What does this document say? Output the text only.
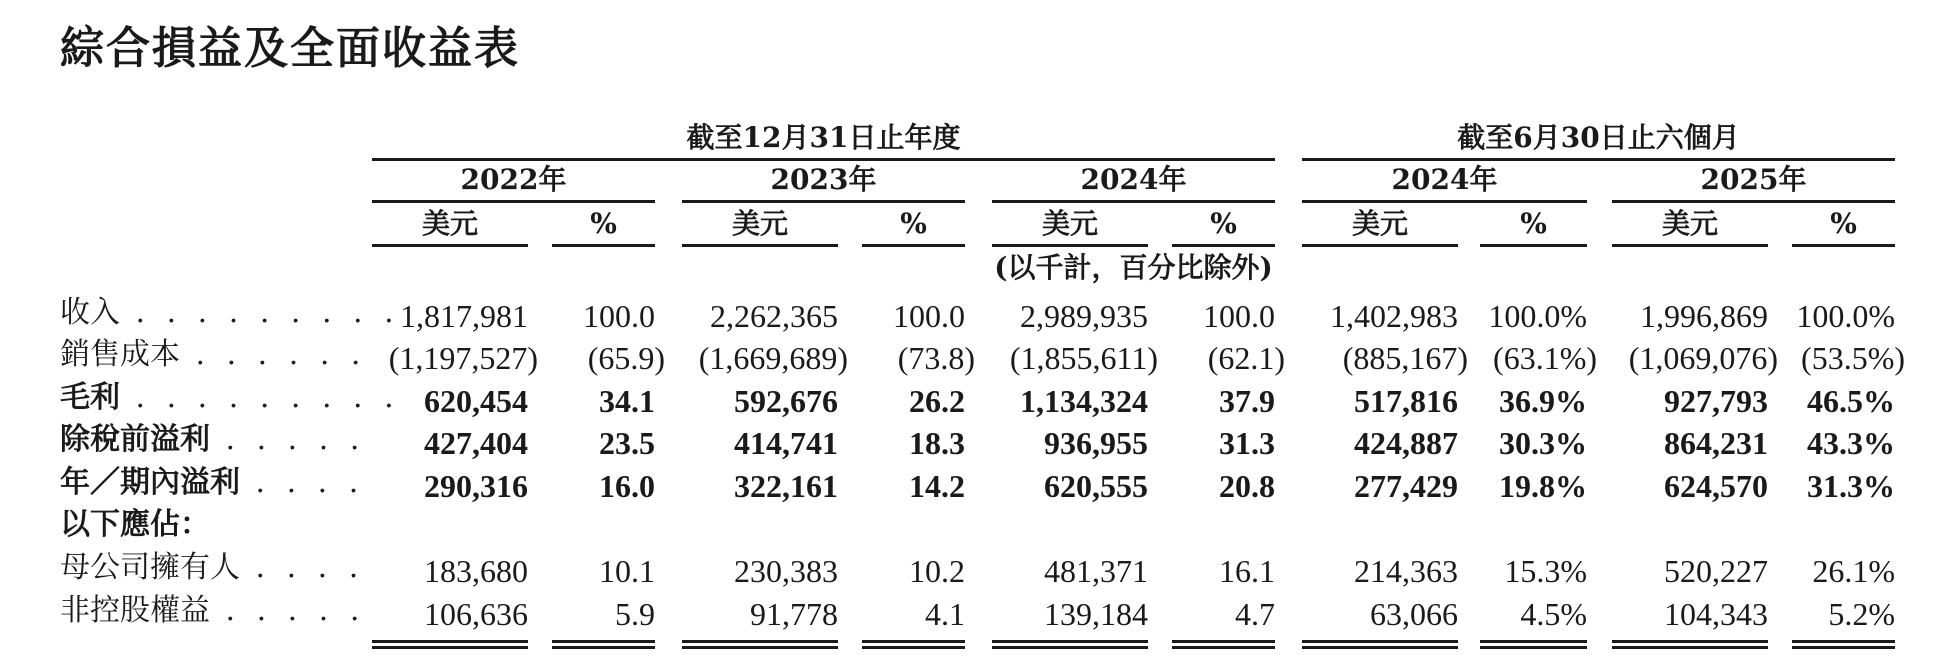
綜合損益及全面收益表
截至12月31日止年度	截至6月30日止六個月
2022年
美元	%
2023年
美元	%
2024年
美元	%
2024年
美元	%
2025年
美元	%
(以千計，百分比除外)
收入 . . . . . . . . . 1,817,981 100.0 2,262,365 100.0 2,989,935 100.0 1,402,983 100.0% 1,996,869 100.0%
銷售成本 . . . . . . (1,197,527) (65.9) (1,669,689) (73.8) (1,855,611) (62.1) (885,167) (63.1%) (1,069,076) (53.5%)
毛利 . . . . . . . . . 620,454 34.1 592,676 26.2 1,134,324 37.9 517,816 36.9% 927,793 46.5%
除稅前溢利 . . . . . 427,404 23.5 414,741 18.3 936,955 31.3 424,887 30.3% 864,231 43.3%
年／期內溢利 . . . . 290,316 16.0 322,161 14.2 620,555 20.8 277,429 19.8% 624,570 31.3%
以下應佔：
母公司擁有人 . . . . 183,680 10.1 230,383 10.2 481,371 16.1 214,363 15.3% 520,227 26.1%
非控股權益 . . . . . 106,636	5.9	91,778	4.1 139,184	4.7	63,066 4.5% 104,343 5.2%
